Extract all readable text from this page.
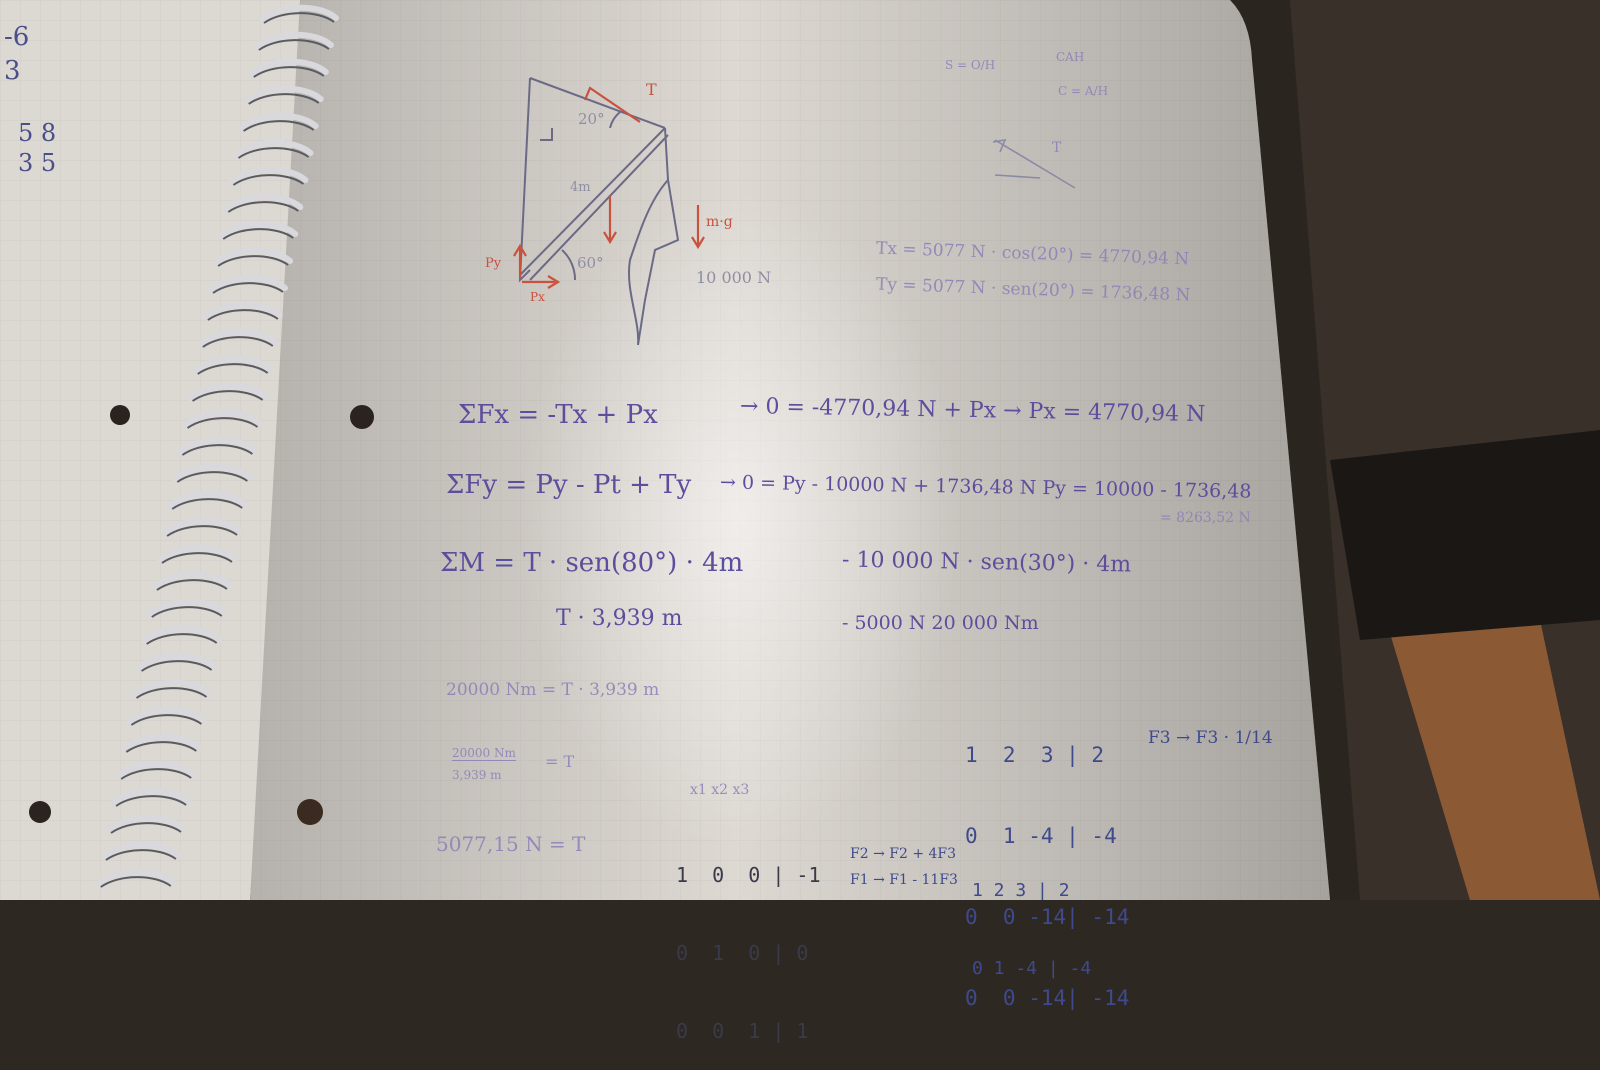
-6
3
5 8
3 5
20°
60°
4m
T
Py
Px
m·g
10 000 N
S = O/H
CAH
C = A/H
T
Tx = 5077 N · cos(20°) = 4770,94 N
Ty = 5077 N · sen(20°) = 1736,48 N
ΣFx = -Tx + Px	→ 0 = -4770,94 N + Px → Px = 4770,94 N
ΣFy = Py - Pt + Ty → 0 = Py - 10000 N + 1736,48 N Py = 10000 - 1736,48
= 8263,52 N
ΣM = T · sen(80°) · 4m	- 10 000 N · sen(30°) · 4m
T · 3,939 m	- 5000 N 20 000 Nm
20000 Nm = T · 3,939 m
20000 Nm
3,939 m
= T
5077,15 N = T

1  2  3 | 2

0  1 -4 | -4

0  0 -14| -14

0  0 -14| -14

F3 → F3 · 1/14
x1 x2 x3

1  0  0 | -1

0  1  0 | 0

0  0  1 | 1

F2 → F2 + 4F3
F1 → F1 - 11F3

1 2 3 | 2

0 1 -4 | -4
